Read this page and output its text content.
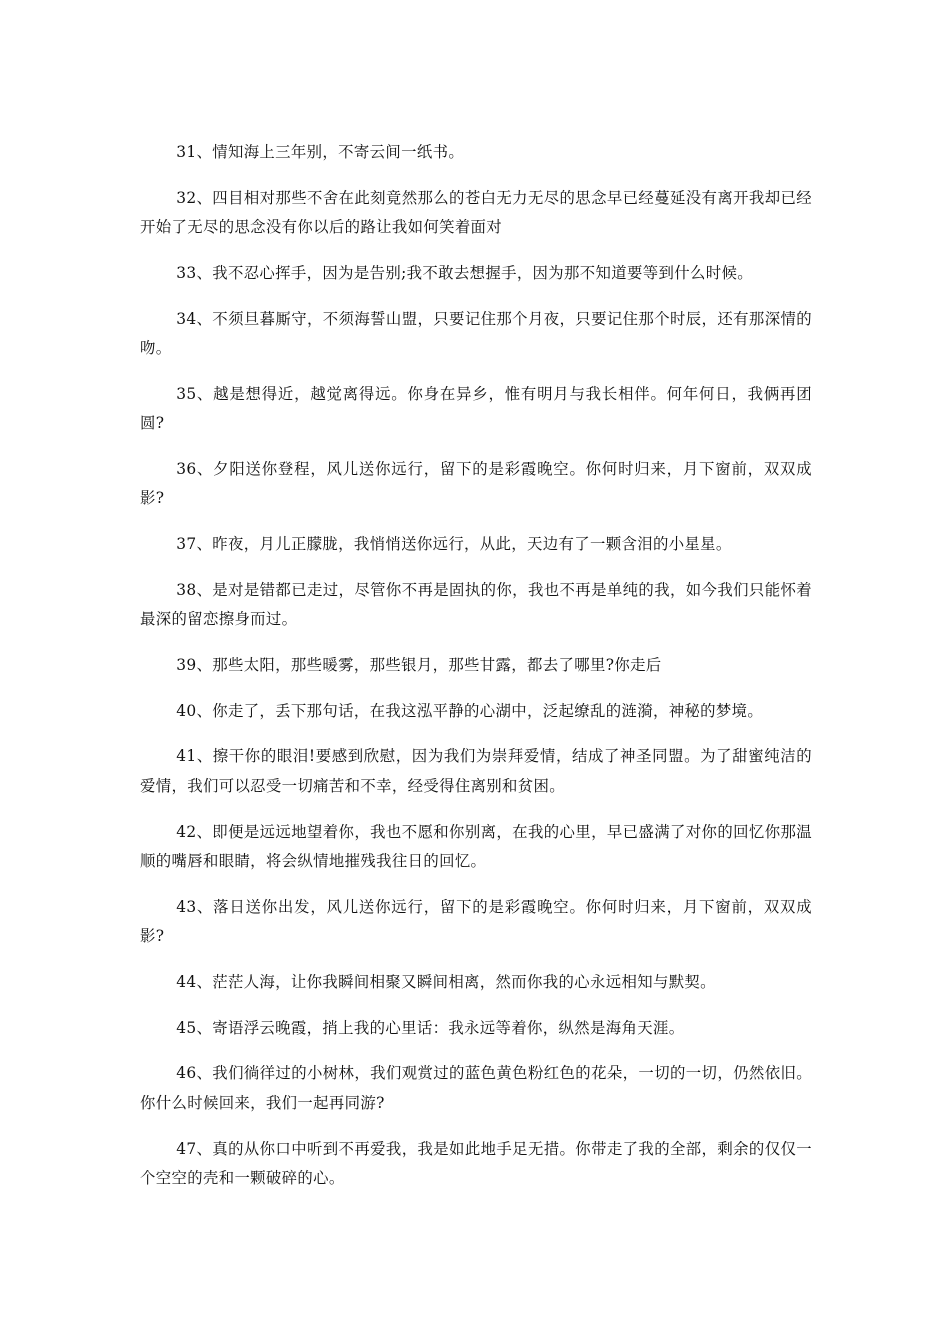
31、情知海上三年别，不寄云间一纸书。

32、四目相对那些不舍在此刻竟然那么的苍白无力无尽的思念早已经蔓延没有离开我却已经开始了无尽的思念没有你以后的路让我如何笑着面对

33、我不忍心挥手，因为是告别;我不敢去想握手，因为那不知道要等到什么时候。

34、不须旦暮厮守，不须海誓山盟，只要记住那个月夜，只要记住那个时辰，还有那深情的吻。

35、越是想得近，越觉离得远。你身在异乡，惟有明月与我长相伴。何年何日，我俩再团圆?

36、夕阳送你登程，风儿送你远行，留下的是彩霞晚空。你何时归来，月下窗前，双双成影?

37、昨夜，月儿正朦胧，我悄悄送你远行，从此，天边有了一颗含泪的小星星。

38、是对是错都已走过，尽管你不再是固执的你，我也不再是单纯的我，如今我们只能怀着最深的留恋擦身而过。

39、那些太阳，那些暖雾，那些银月，那些甘露，都去了哪里?你走后

40、你走了，丢下那句话，在我这泓平静的心湖中，泛起缭乱的涟漪，神秘的梦境。

41、擦干你的眼泪!要感到欣慰，因为我们为崇拜爱情，结成了神圣同盟。为了甜蜜纯洁的爱情，我们可以忍受一切痛苦和不幸，经受得住离别和贫困。

42、即便是远远地望着你，我也不愿和你别离，在我的心里，早已盛满了对你的回忆你那温顺的嘴唇和眼睛，将会纵情地摧残我往日的回忆。

43、落日送你出发，风儿送你远行，留下的是彩霞晚空。你何时归来，月下窗前，双双成影?

44、茫茫人海，让你我瞬间相聚又瞬间相离，然而你我的心永远相知与默契。

45、寄语浮云晚霞，捎上我的心里话：我永远等着你，纵然是海角天涯。

46、我们徜徉过的小树林，我们观赏过的蓝色黄色粉红色的花朵，一切的一切，仍然依旧。你什么时候回来，我们一起再同游?

47、真的从你口中听到不再爱我，我是如此地手足无措。你带走了我的全部，剩余的仅仅一个空空的壳和一颗破碎的心。
